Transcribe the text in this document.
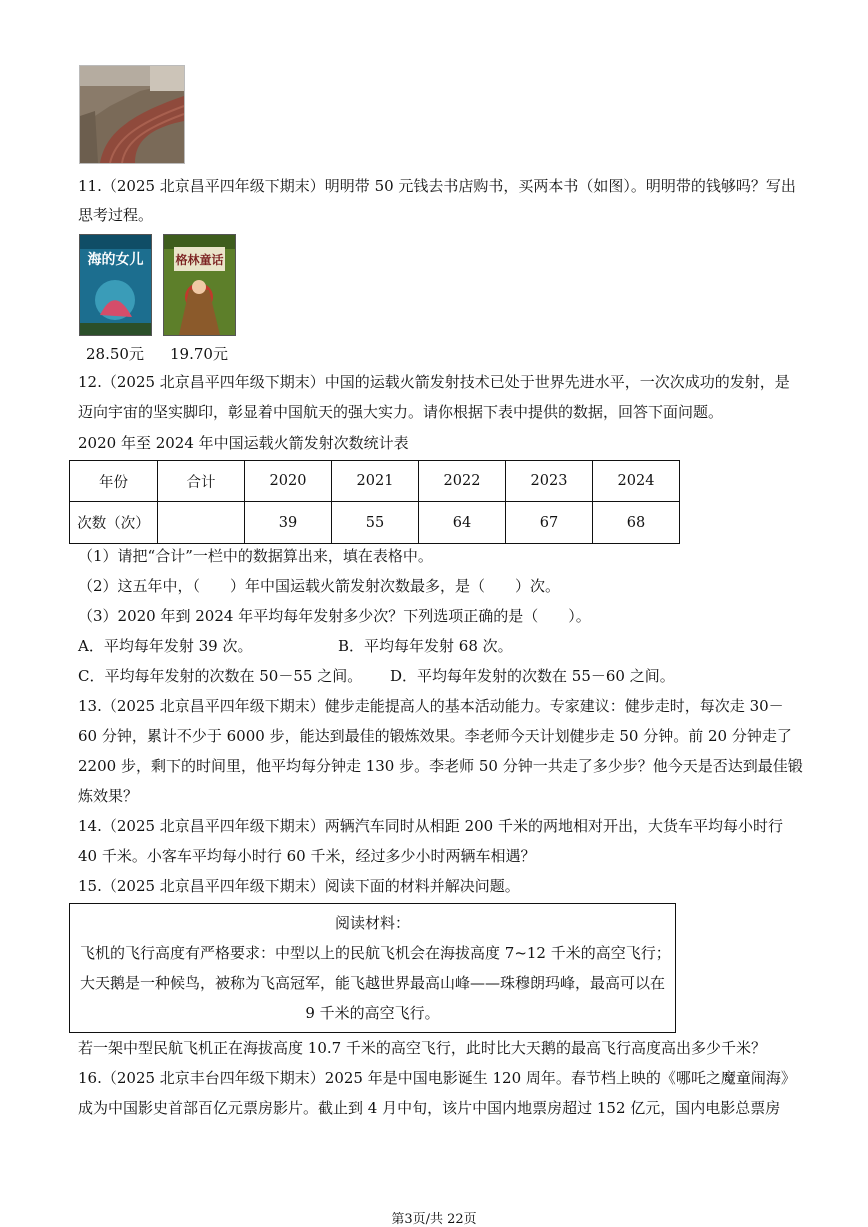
11.（2025 北京昌平四年级下期末）明明带 50 元钱去书店购书，买两本书（如图）。明明带的钱够吗？写出
思考过程。
海的女儿	格林童话
28.50元 19.70元
12.（2025 北京昌平四年级下期末）中国的运载火箭发射技术已处于世界先进水平，一次次成功的发射，是
迈向宇宙的坚实脚印，彰显着中国航天的强大实力。请你根据下表中提供的数据，回答下面问题。
2020 年至 2024 年中国运载火箭发射次数统计表
年份	合计	2020	2021	2022	2023	2024
次数（次）		39	55	64	67	68
（1）请把“合计”一栏中的数据算出来，填在表格中。
（2）这五年中，（　　）年中国运载火箭发射次数最多，是（　　）次。
（3）2020 年到 2024 年平均每年发射多少次？下列选项正确的是（　　）。
A．平均每年发射 39 次。	B．平均每年发射 68 次。
C．平均每年发射的次数在 50－55 之间。 D．平均每年发射的次数在 55－60 之间。
13.（2025 北京昌平四年级下期末）健步走能提高人的基本活动能力。专家建议：健步走时，每次走 30－
60 分钟，累计不少于 6000 步，能达到最佳的锻炼效果。李老师今天计划健步走 50 分钟。前 20 分钟走了
2200 步，剩下的时间里，他平均每分钟走 130 步。李老师 50 分钟一共走了多少步？他今天是否达到最佳锻
炼效果？
14.（2025 北京昌平四年级下期末）两辆汽车同时从相距 200 千米的两地相对开出，大货车平均每小时行
40 千米。小客车平均每小时行 60 千米，经过多少小时两辆车相遇？
15.（2025 北京昌平四年级下期末）阅读下面的材料并解决问题。
阅读材料：
飞机的飞行高度有严格要求：中型以上的民航飞机会在海拔高度 7~12 千米的高空飞行；
大天鹅是一种候鸟，被称为飞高冠军，能飞越世界最高山峰——珠穆朗玛峰，最高可以在
9 千米的高空飞行。
若一架中型民航飞机正在海拔高度 10.7 千米的高空飞行，此时比大天鹅的最高飞行高度高出多少千米？
16.（2025 北京丰台四年级下期末）2025 年是中国电影诞生 120 周年。春节档上映的《哪吒之魔童闹海》
成为中国影史首部百亿元票房影片。截止到 4 月中旬，该片中国内地票房超过 152 亿元，国内电影总票房
第3页/共 22页
